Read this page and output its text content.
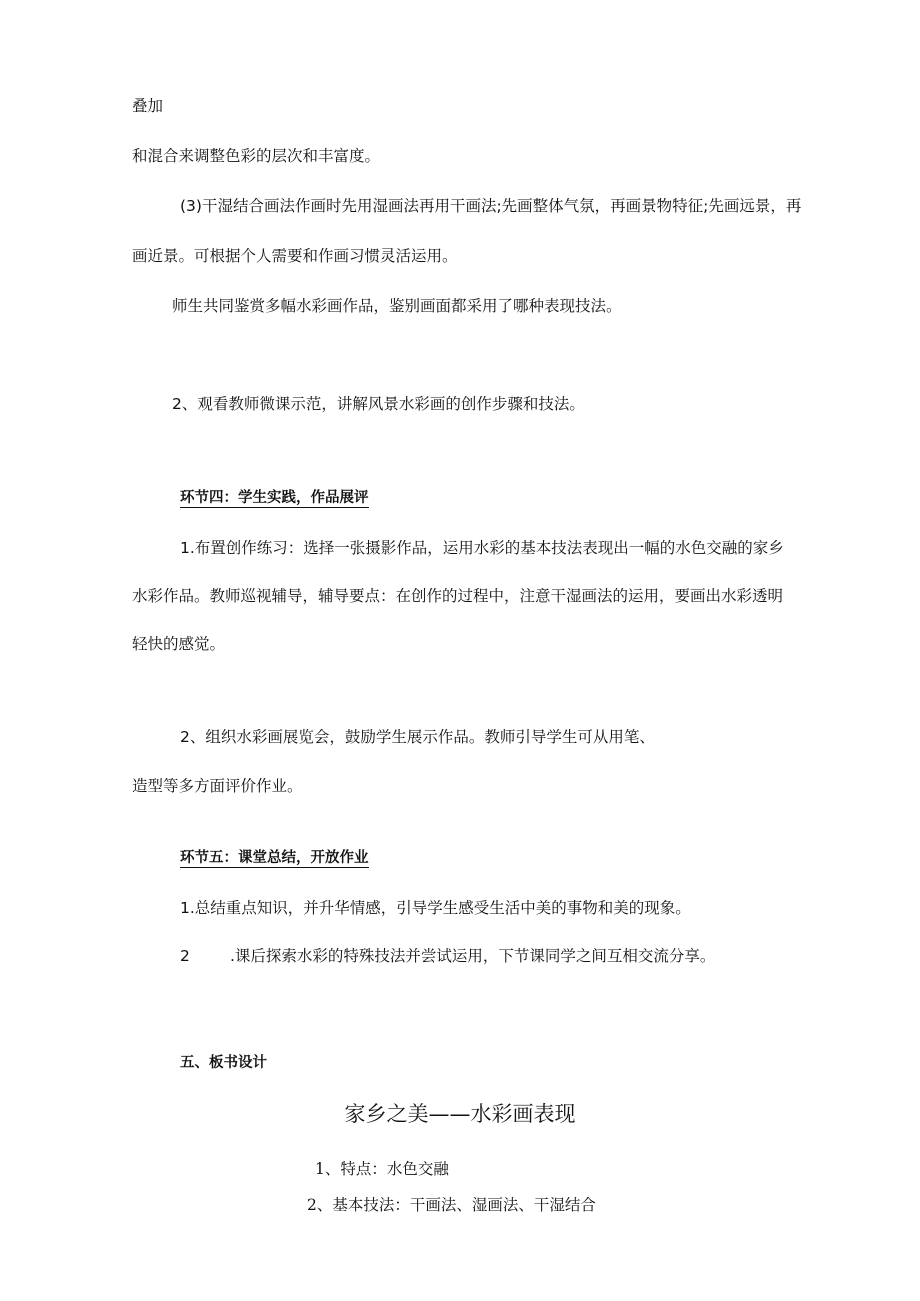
叠加

和混合来调整色彩的层次和丰富度。

(3)干湿结合画法作画时先用湿画法再用干画法;先画整体气氛，再画景物特征;先画远景，再

画近景。可根据个人需要和作画习惯灵活运用。

师生共同鉴赏多幅水彩画作品，鉴别画面都采用了哪种表现技法。

2、观看教师微课示范，讲解风景水彩画的创作步骤和技法。

环节四：学生实践，作品展评

1.布置创作练习：选择一张摄影作品，运用水彩的基本技法表现出一幅的水色交融的家乡

水彩作品。教师巡视辅导，辅导要点：在创作的过程中，注意干湿画法的运用，要画出水彩透明

轻快的感觉。

2、组织水彩画展览会，鼓励学生展示作品。教师引导学生可从用笔、

造型等多方面评价作业。

环节五：课堂总结，开放作业

1.总结重点知识，并升华情感，引导学生感受生活中美的事物和美的现象。

2	.课后探索水彩的特殊技法并尝试运用，下节课同学之间互相交流分享。

五、板书设计

家乡之美——水彩画表现

1、特点：水色交融

2、基本技法：干画法、湿画法、干湿结合
